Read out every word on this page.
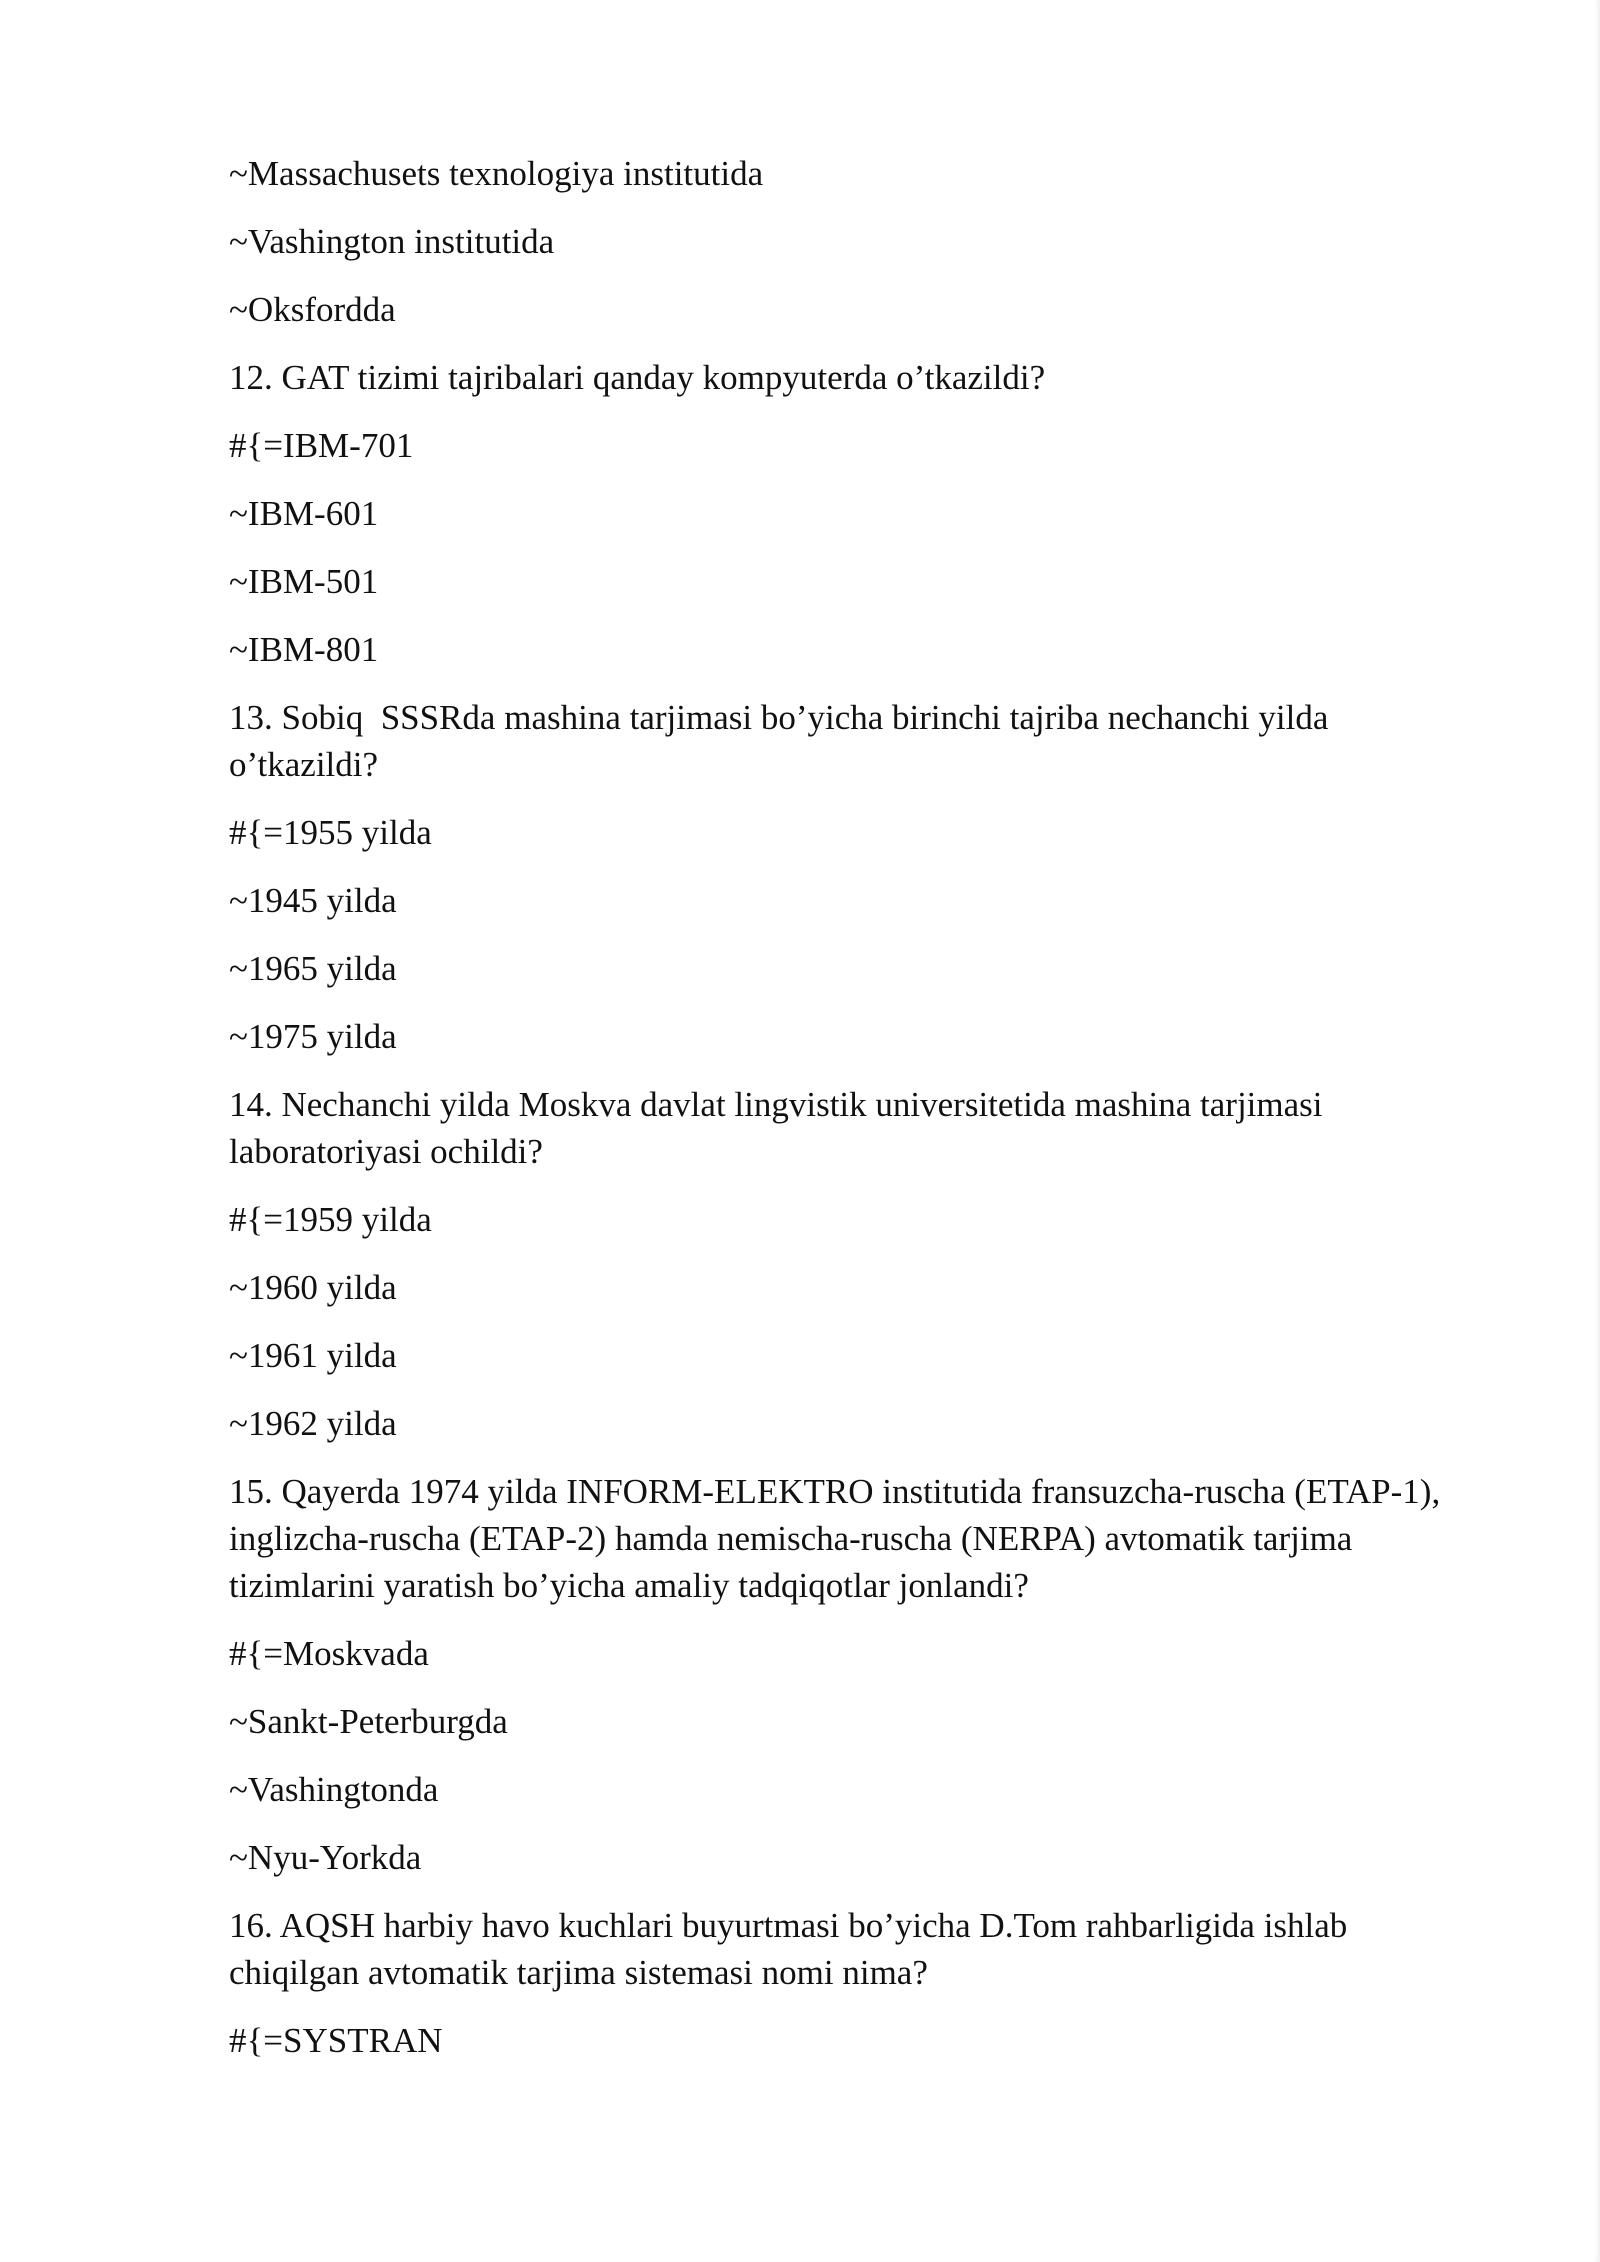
~Massachusets texnologiya institutida
~Vashington institutida
~Oksfordda
12. GAT tizimi tajribalari qanday kompyuterda o’tkazildi?
#{=IBM-701
~IBM-601
~IBM-501
~IBM-801
13. Sobiq  SSSRda mashina tarjimasi bo’yicha birinchi tajriba nechanchi yilda o’tkazildi?
#{=1955 yilda
~1945 yilda
~1965 yilda
~1975 yilda
14. Nechanchi yilda Moskva davlat lingvistik universitetida mashina tarjimasi laboratoriyasi ochildi?
#{=1959 yilda
~1960 yilda
~1961 yilda
~1962 yilda
15. Qayerda 1974 yilda INFORM-ELEKTRO institutida fransuzcha-ruscha (ETAP-1), inglizcha-ruscha (ETAP-2) hamda nemischa-ruscha (NERPA) avtomatik tarjima tizimlarini yaratish bo’yicha amaliy tadqiqotlar jonlandi?
#{=Moskvada
~Sankt-Peterburgda
~Vashingtonda
~Nyu-Yorkda
16. AQSH harbiy havo kuchlari buyurtmasi bo’yicha D.Tom rahbarligida ishlab chiqilgan avtomatik tarjima sistemasi nomi nima?
#{=SYSTRAN
